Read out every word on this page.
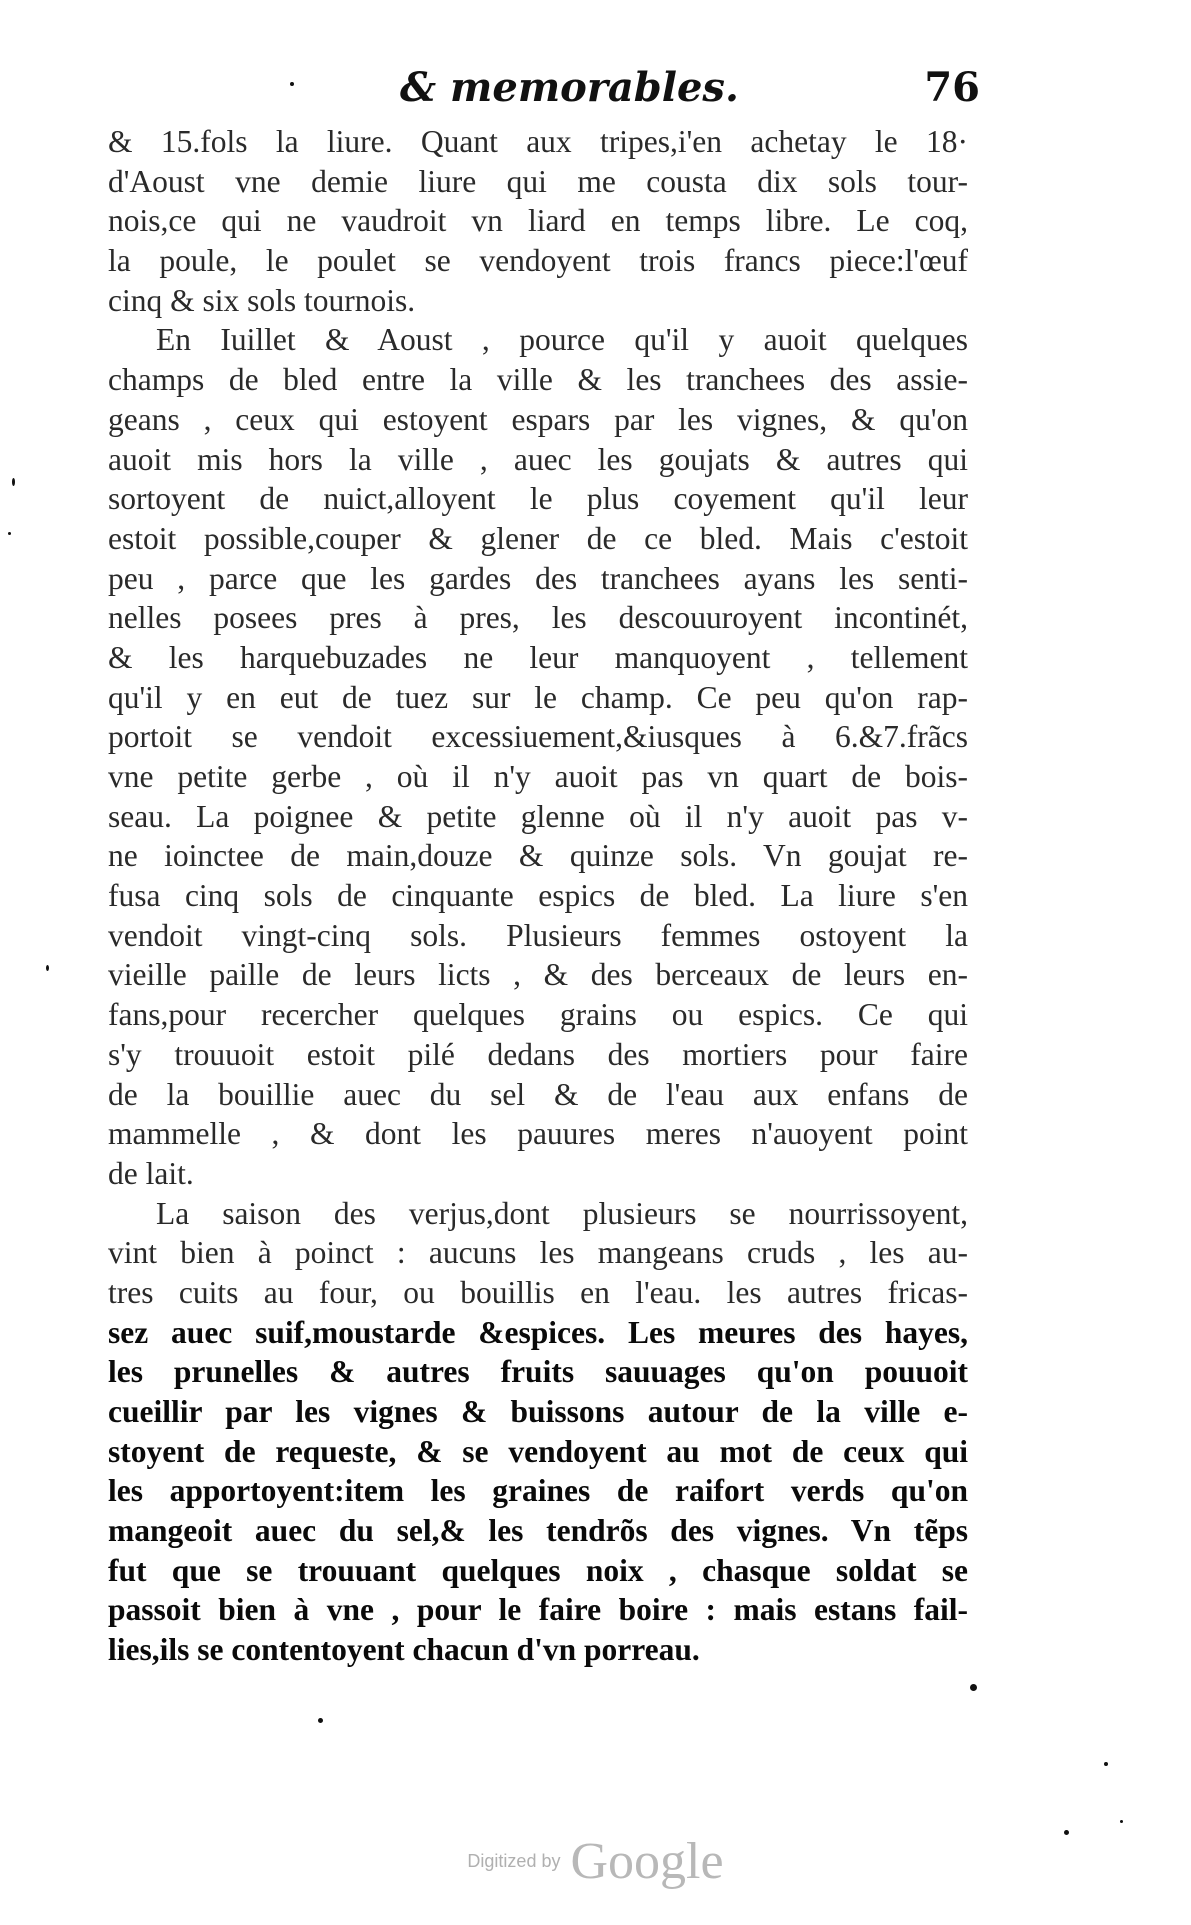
& memorables.	76
& 15.fols la liure. Quant aux tripes,i'en achetay le 18·
d'Aoust vne demie liure qui me cousta dix sols tour-
nois,ce qui ne vaudroit vn liard en temps libre. Le coq,
la poule, le poulet se vendoyent trois francs piece:l'œuf
cinq & six sols tournois.
En Iuillet & Aoust , pource qu'il y auoit quelques
champs de bled entre la ville & les tranchees des assie-
geans , ceux qui estoyent espars par les vignes, & qu'on
auoit mis hors la ville , auec les goujats & autres qui
sortoyent de nuict,alloyent le plus coyement qu'il leur
estoit possible,couper & glener de ce bled. Mais c'estoit
peu , parce que les gardes des tranchees ayans les senti-
nelles posees pres à pres, les descouuroyent incontinét,
& les harquebuzades ne leur manquoyent , tellement
qu'il y en eut de tuez sur le champ. Ce peu qu'on rap-
portoit se vendoit excessiuement,&iusques à 6.&7.frãcs
vne petite gerbe , où il n'y auoit pas vn quart de bois-
seau. La poignee & petite glenne où il n'y auoit pas v-
ne ioinctee de main,douze & quinze sols. Vn goujat re-
fusa cinq sols de cinquante espics de bled. La liure s'en
vendoit vingt-cinq sols. Plusieurs femmes ostoyent la
vieille paille de leurs licts , & des berceaux de leurs en-
fans,pour recercher quelques grains ou espics. Ce qui
s'y trouuoit estoit pilé dedans des mortiers pour faire
de la bouillie auec du sel & de l'eau aux enfans de
mammelle , & dont les pauures meres n'auoyent point
de lait.
La saison des verjus,dont plusieurs se nourrissoyent,
vint bien à poinct : aucuns les mangeans cruds , les au-
tres cuits au four, ou bouillis en l'eau. les autres fricas-
sez auec suif,moustarde &espices. Les meures des hayes,
les prunelles & autres fruits sauuages qu'on pouuoit
cueillir par les vignes & buissons autour de la ville e-
stoyent de requeste, & se vendoyent au mot de ceux qui
les apportoyent:item les graines de raifort verds qu'on
mangeoit auec du sel,& les tendrõs des vignes. Vn tẽps
fut que se trouuant quelques noix , chasque soldat se
passoit bien à vne , pour le faire boire : mais estans fail-
lies,ils se contentoyent chacun d'vn porreau.
Digitized by Google
